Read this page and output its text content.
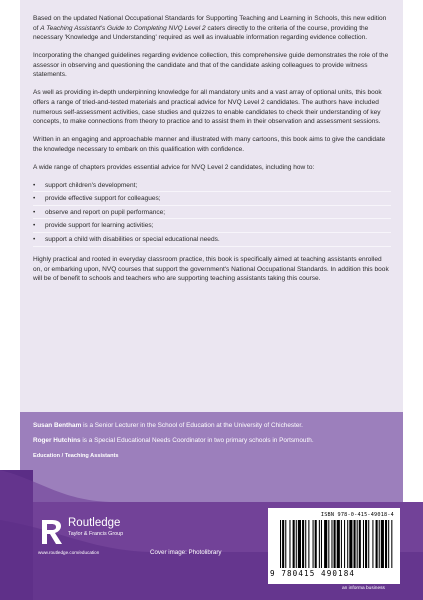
Based on the updated National Occupational Standards for Supporting Teaching and Learning in Schools, this new edition of A Teaching Assistant's Guide to Completing NVQ Level 2 caters directly to the criteria of the course, providing the necessary 'Knowledge and Understanding' required as well as invaluable information regarding evidence collection.

Incorporating the changed guidelines regarding evidence collection, this comprehensive guide demonstrates the role of the assessor in observing and questioning the candidate and that of the candidate asking colleagues to provide witness statements.

As well as providing in-depth underpinning knowledge for all mandatory units and a vast array of optional units, this book offers a range of tried-and-tested materials and practical advice for NVQ Level 2 candidates. The authors have included numerous self-assessment activities, case studies and quizzes to enable candidates to check their understanding of key concepts, to make connections from theory to practice and to assist them in their observation and assessment sessions.

Written in an engaging and approachable manner and illustrated with many cartoons, this book aims to give the candidate the knowledge necessary to embark on this qualification with confidence.

A wide range of chapters provides essential advice for NVQ Level 2 candidates, including how to:

• support children's development;
• provide effective support for colleagues;
• observe and report on pupil performance;
• provide support for learning activities;
• support a child with disabilities or special educational needs.

Highly practical and rooted in everyday classroom practice, this book is specifically aimed at teaching assistants enrolled on, or embarking upon, NVQ courses that support the government's National Occupational Standards. In addition this book will be of benefit to schools and teachers who are supporting teaching assistants taking this course.

Susan Bentham is a Senior Lecturer in the School of Education at the University of Chichester.

Roger Hutchins is a Special Educational Needs Coordinator in two primary schools in Portsmouth.

Education / Teaching Assistants

Routledge
Taylor & Francis Group
www.routledge.com/education	Cover image: Photolibrary
ISBN 978-0-415-49018-4
9 780415 490184
an informa business
